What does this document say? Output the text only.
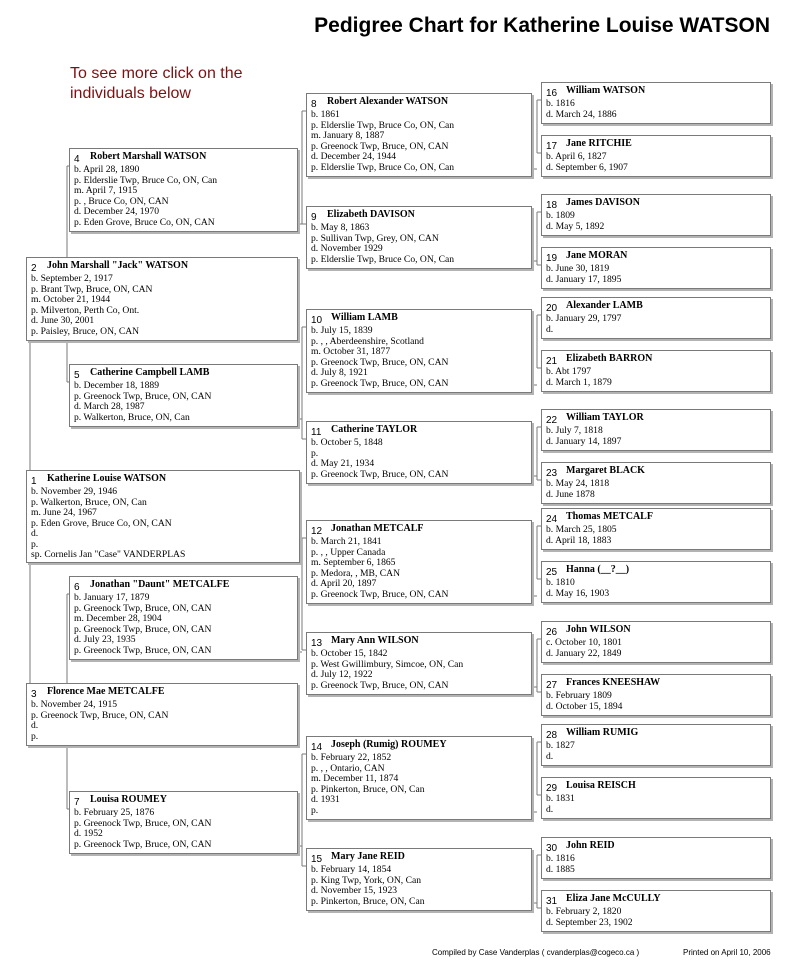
Pedigree Chart for Katherine Louise WATSON
To see more click on the individuals below
1 Katherine Louise WATSON
b. November 29, 1946
p. Walkerton, Bruce, ON, Can
m. June 24, 1967
p. Eden Grove, Bruce Co, ON, CAN
d.
p.
sp. Cornelis Jan "Case" VANDERPLAS
2 John Marshall "Jack" WATSON
b. September 2, 1917
p. Brant Twp, Bruce, ON, CAN
m. October 21, 1944
p. Milverton, Perth Co, Ont.
d. June 30, 2001
p. Paisley, Bruce, ON, CAN
3 Florence Mae METCALFE
b. November 24, 1915
p. Greenock Twp, Bruce, ON, CAN
d.
p.
4 Robert Marshall WATSON
b. April 28, 1890
p. Elderslie Twp, Bruce Co, ON, Can
m. April 7, 1915
p. , Bruce Co, ON, CAN
d. December 24, 1970
p. Eden Grove, Bruce Co, ON, CAN
5 Catherine Campbell LAMB
b. December 18, 1889
p. Greenock Twp, Bruce, ON, CAN
d. March 28, 1987
p. Walkerton, Bruce, ON, Can
6 Jonathan "Daunt" METCALFE
b. January 17, 1879
p. Greenock Twp, Bruce, ON, CAN
m. December 28, 1904
p. Greenock Twp, Bruce, ON, CAN
d. July 23, 1935
p. Greenock Twp, Bruce, ON, CAN
7 Louisa ROUMEY
b. February 25, 1876
p. Greenock Twp, Bruce, ON, CAN
d. 1952
p. Greenock Twp, Bruce, ON, CAN
8 Robert Alexander WATSON
b. 1861
p. Elderslie Twp, Bruce Co, ON, Can
m. January 8, 1887
p. Greenock Twp, Bruce, ON, CAN
d. December 24, 1944
p. Elderslie Twp, Bruce Co, ON, Can
9 Elizabeth DAVISON
b. May 8, 1863
p. Sullivan Twp, Grey, ON, CAN
d. November 1929
p. Elderslie Twp, Bruce Co, ON, Can
10 William LAMB
b. July 15, 1839
p. , , Aberdeenshire, Scotland
m. October 31, 1877
p. Greenock Twp, Bruce, ON, CAN
d. July 8, 1921
p. Greenock Twp, Bruce, ON, CAN
11 Catherine TAYLOR
b. October 5, 1848
p.
d. May 21, 1934
p. Greenock Twp, Bruce, ON, CAN
12 Jonathan METCALF
b. March 21, 1841
p. , , Upper Canada
m. September 6, 1865
p. Medora, , MB, CAN
d. April 20, 1897
p. Greenock Twp, Bruce, ON, CAN
13 Mary Ann WILSON
b. October 15, 1842
p. West Gwillimbury, Simcoe, ON, Can
d. July 12, 1922
p. Greenock Twp, Bruce, ON, CAN
14 Joseph (Rumig) ROUMEY
b. February 22, 1852
p. , , Ontario, CAN
m. December 11, 1874
p. Pinkerton, Bruce, ON, Can
d. 1931
p.
15 Mary Jane REID
b. February 14, 1854
p. King Twp, York, ON, Can
d. November 15, 1923
p. Pinkerton, Bruce, ON, Can
16 William WATSON
b. 1816
d. March 24, 1886
17 Jane RITCHIE
b. April 6, 1827
d. September 6, 1907
18 James DAVISON
b. 1809
d. May 5, 1892
19 Jane MORAN
b. June 30, 1819
d. January 17, 1895
20 Alexander LAMB
b. January 29, 1797
d.
21 Elizabeth BARRON
b. Abt 1797
d. March 1, 1879
22 William TAYLOR
b. July 7, 1818
d. January 14, 1897
23 Margaret BLACK
b. May 24, 1818
d. June 1878
24 Thomas METCALF
b. March 25, 1805
d. April 18, 1883
25 Hanna (__?__)
b. 1810
d. May 16, 1903
26 John WILSON
c. October 10, 1801
d. January 22, 1849
27 Frances KNEESHAW
b. February 1809
d. October 15, 1894
28 William RUMIG
b. 1827
d.
29 Louisa REISCH
b. 1831
d.
30 John REID
b. 1816
d. 1885
31 Eliza Jane McCULLY
b. February 2, 1820
d. September 23, 1902
Compiled by Case Vanderplas ( cvanderplas@cogeco.ca )	Printed on April 10, 2006
